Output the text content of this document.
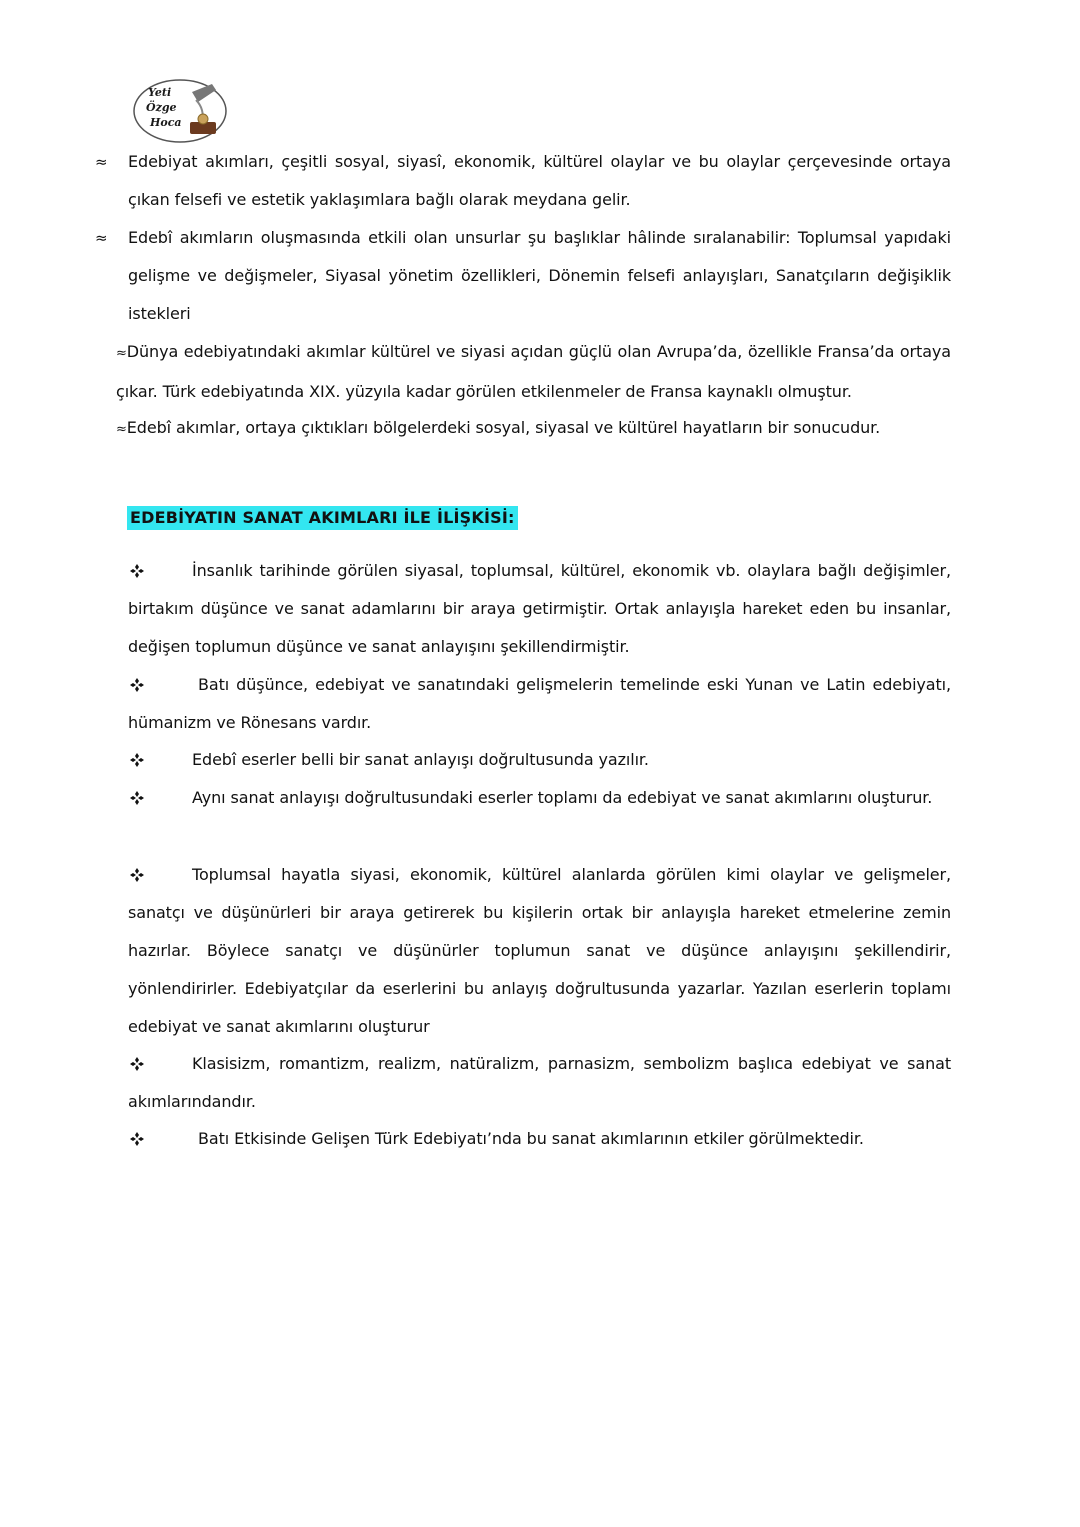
Yeti
Özge
Hoca
≈ Edebiyat akımları, çeşitli sosyal, siyasî, ekonomik, kültürel olaylar ve bu olaylar çerçevesinde ortaya çıkan felsefi ve estetik yaklaşımlara bağlı olarak meydana gelir.
≈ Edebî akımların oluşmasında etkili olan unsurlar şu başlıklar hâlinde sıralanabilir: Toplumsal yapıdaki gelişme ve değişmeler, Siyasal yönetim özellikleri, Dönemin felsefi anlayışları, Sanatçıların değişiklik istekleri
≈Dünya edebiyatındaki akımlar kültürel ve siyasi açıdan güçlü olan Avrupa’da, özellikle Fransa’da ortaya çıkar. Türk edebiyatında XIX. yüzyıla kadar görülen etkilenmeler de Fransa kaynaklı olmuştur.
≈Edebî akımlar, ortaya çıktıkları bölgelerdeki sosyal, siyasal ve kültürel hayatların bir sonucudur.
EDEBİYATIN SANAT AKIMLARI İLE İLİŞKİSİ:
İnsanlık tarihinde görülen siyasal, toplumsal, kültürel, ekonomik vb. olaylara bağlı değişimler, birtakım düşünce ve sanat adamlarını bir araya getirmiştir. Ortak anlayışla hareket eden bu insanlar, değişen toplumun düşünce ve sanat anlayışını şekillendirmiştir.
Batı düşünce, edebiyat ve sanatındaki gelişmelerin temelinde eski Yunan ve Latin edebiyatı, hümanizm ve Rönesans vardır.
Edebî eserler belli bir sanat anlayışı doğrultusunda yazılır.
Aynı sanat anlayışı doğrultusundaki eserler toplamı da edebiyat ve sanat akımlarını oluşturur.
Toplumsal hayatla siyasi, ekonomik, kültürel alanlarda görülen kimi olaylar ve gelişmeler, sanatçı ve düşünürleri bir araya getirerek bu kişilerin ortak bir anlayışla hareket etmelerine zemin hazırlar. Böylece sanatçı ve düşünürler toplumun sanat ve düşünce anlayışını şekillendirir, yönlendirirler. Edebiyatçılar da eserlerini bu anlayış doğrultusunda yazarlar. Yazılan eserlerin toplamı edebiyat ve sanat akımlarını oluşturur
Klasisizm, romantizm, realizm, natüralizm, parnasizm, sembolizm başlıca edebiyat ve sanat akımlarındandır.
Batı Etkisinde Gelişen Türk Edebiyatı’nda bu sanat akımlarının etkiler görülmektedir.
